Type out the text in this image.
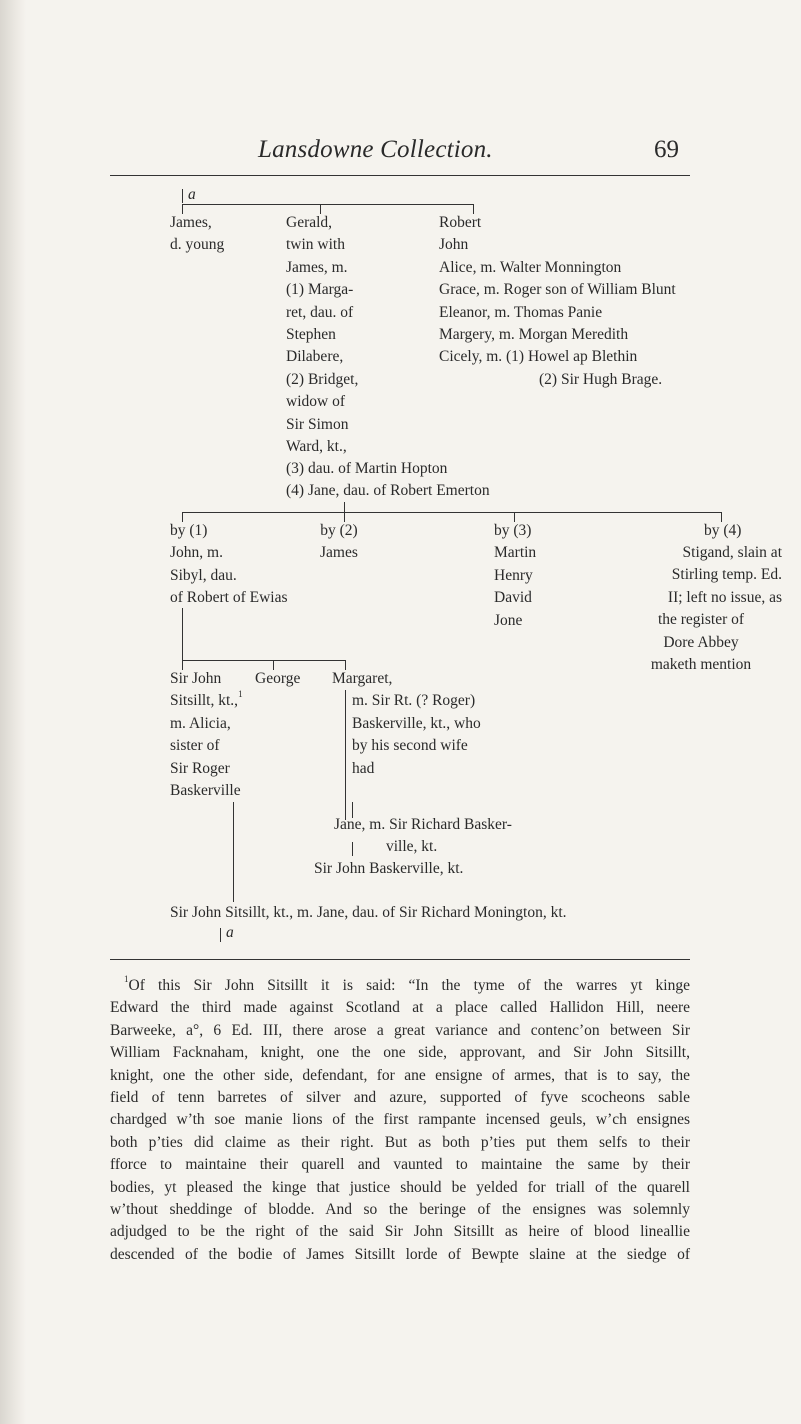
Lansdowne Collection.	69
a
James,
d. young
Gerald,
twin with
James, m.
(1) Marga-
ret, dau. of
Stephen
Dilabere,
(2) Bridget,
widow of
Sir Simon
Ward, kt.,
Robert
John
Alice, m. Walter Monnington
Grace, m. Roger son of William Blunt
Eleanor, m. Thomas Panie
Margery, m. Morgan Meredith
Cicely, m. (1) Howel ap Blethin
(2) Sir Hugh Brage.
(3) dau. of Martin Hopton
(4) Jane, dau. of Robert Emerton
by (1)
John, m.
Sibyl, dau.
of Robert of Ewias
by (2)
James
by (3)
Martin
Henry
David
Jone
by (4)
Stigand, slain at
Stirling temp. Ed.
II; left no issue, as
the register of
Dore Abbey
maketh mention
Sir John
Sitsillt, kt.,$^1$
m. Alicia,
sister of
Sir Roger
Baskerville
George Margaret,
m. Sir Rt. (? Roger)
Baskerville, kt., who
by his second wife
had
Jane, m. Sir Richard Basker-
ville, kt.
Sir John Baskerville, kt.
Sir John Sitsillt, kt., m. Jane, dau. of Sir Richard Monington, kt.
a
$^1$Of this Sir John Sitsillt it is said: “In the tyme of the warres yt kinge
Edward the third made against Scotland at a place called Hallidon Hill, neere
Barweeke, a°, 6 Ed. III, there arose a great variance and contenc’on between Sir
William Facknaham, knight, one the one side, approvant, and Sir John Sitsillt,
knight, one the other side, defendant, for ane ensigne of armes, that is to say, the
field of tenn barretes of silver and azure, supported of fyve scocheons sable
chardged w’th soe manie lions of the first rampante incensed geuls, w’ch ensignes
both p’ties did claime as their right. But as both p’ties put them selfs to their
fforce to maintaine their quarell and vaunted to maintaine the same by their
bodies, yt pleased the kinge that justice should be yelded for triall of the quarell
w’thout sheddinge of blodde. And so the beringe of the ensignes was solemnly
adjudged to be the right of the said Sir John Sitsillt as heire of blood lineallie
descended of the bodie of James Sitsillt lorde of Bewpte slaine at the siedge of
